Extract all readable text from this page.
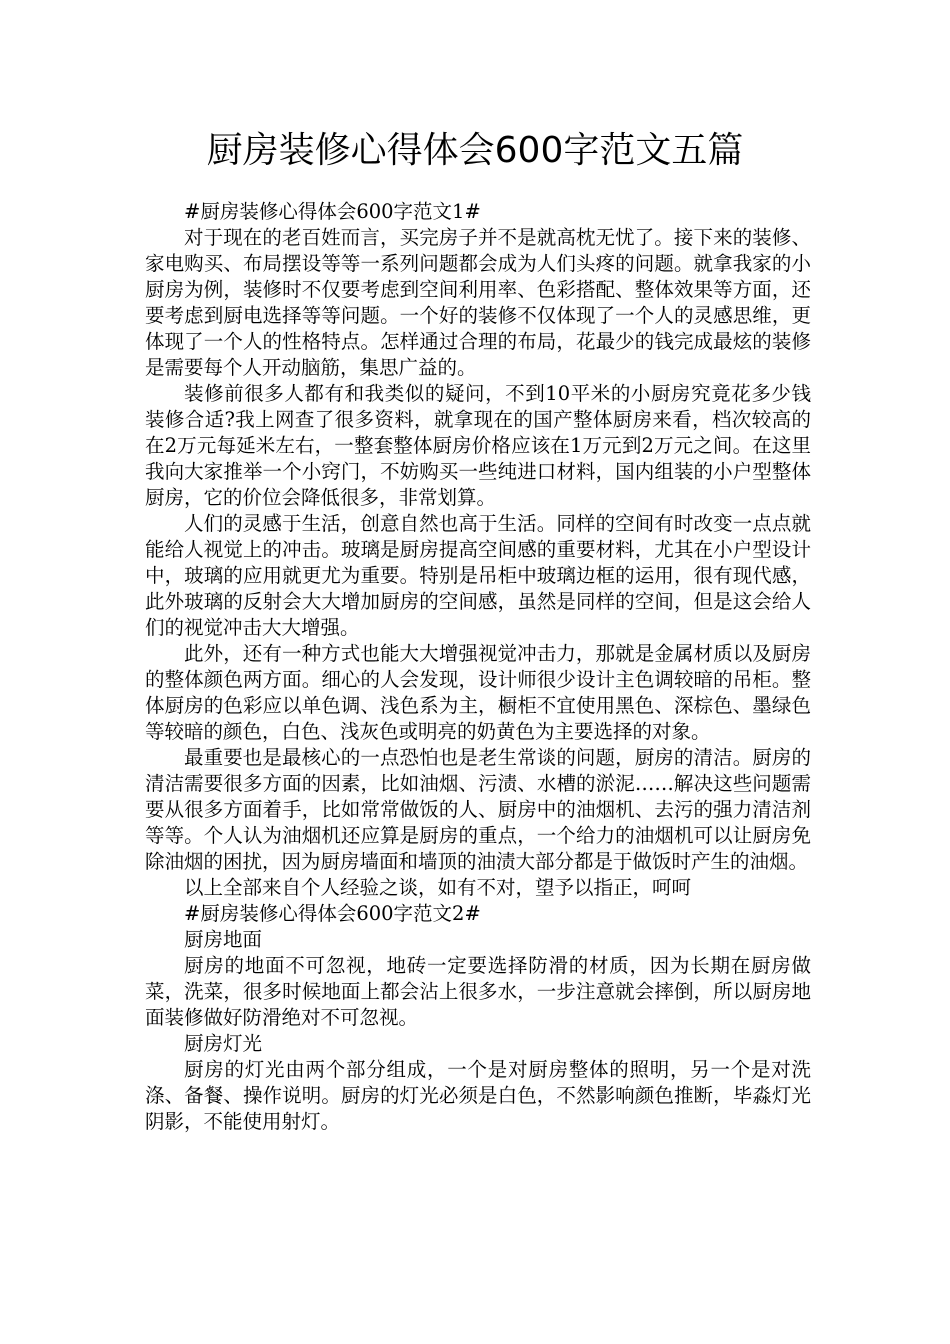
厨房装修心得体会600字范文五篇

#厨房装修心得体会600字范文1#

对于现在的老百姓而言，买完房子并不是就高枕无忧了。接下来的装修、家电购买、布局摆设等等一系列问题都会成为人们头疼的问题。就拿我家的小厨房为例，装修时不仅要考虑到空间利用率、色彩搭配、整体效果等方面，还要考虑到厨电选择等等问题。一个好的装修不仅体现了一个人的灵感思维，更体现了一个人的性格特点。怎样通过合理的布局，花最少的钱完成最炫的装修是需要每个人开动脑筋，集思广益的。

装修前很多人都有和我类似的疑问，不到10平米的小厨房究竟花多少钱装修合适?我上网查了很多资料，就拿现在的国产整体厨房来看，档次较高的在2万元每延米左右，一整套整体厨房价格应该在1万元到2万元之间。在这里我向大家推举一个小窍门，不妨购买一些纯进口材料，国内组装的小户型整体厨房，它的价位会降低很多，非常划算。

人们的灵感于生活，创意自然也高于生活。同样的空间有时改变一点点就能给人视觉上的冲击。玻璃是厨房提高空间感的重要材料，尤其在小户型设计中，玻璃的应用就更尤为重要。特别是吊柜中玻璃边框的运用，很有现代感，此外玻璃的反射会大大增加厨房的空间感，虽然是同样的空间，但是这会给人们的视觉冲击大大增强。

此外，还有一种方式也能大大增强视觉冲击力，那就是金属材质以及厨房的整体颜色两方面。细心的人会发现，设计师很少设计主色调较暗的吊柜。整体厨房的色彩应以单色调、浅色系为主，橱柜不宜使用黑色、深棕色、墨绿色等较暗的颜色，白色、浅灰色或明亮的奶黄色为主要选择的对象。

最重要也是最核心的一点恐怕也是老生常谈的问题，厨房的清洁。厨房的清洁需要很多方面的因素，比如油烟、污渍、水槽的淤泥……解决这些问题需要从很多方面着手，比如常常做饭的人、厨房中的油烟机、去污的强力清洁剂等等。个人认为油烟机还应算是厨房的重点，一个给力的油烟机可以让厨房免除油烟的困扰，因为厨房墙面和墙顶的油渍大部分都是于做饭时产生的油烟。

以上全部来自个人经验之谈，如有不对，望予以指正，呵呵

#厨房装修心得体会600字范文2#

厨房地面

厨房的地面不可忽视，地砖一定要选择防滑的材质，因为长期在厨房做菜，洗菜，很多时候地面上都会沾上很多水，一步注意就会摔倒，所以厨房地面装修做好防滑绝对不可忽视。

厨房灯光

厨房的灯光由两个部分组成，一个是对厨房整体的照明，另一个是对洗涤、备餐、操作说明。厨房的灯光必须是白色，不然影响颜色推断，毕淼灯光阴影，不能使用射灯。
